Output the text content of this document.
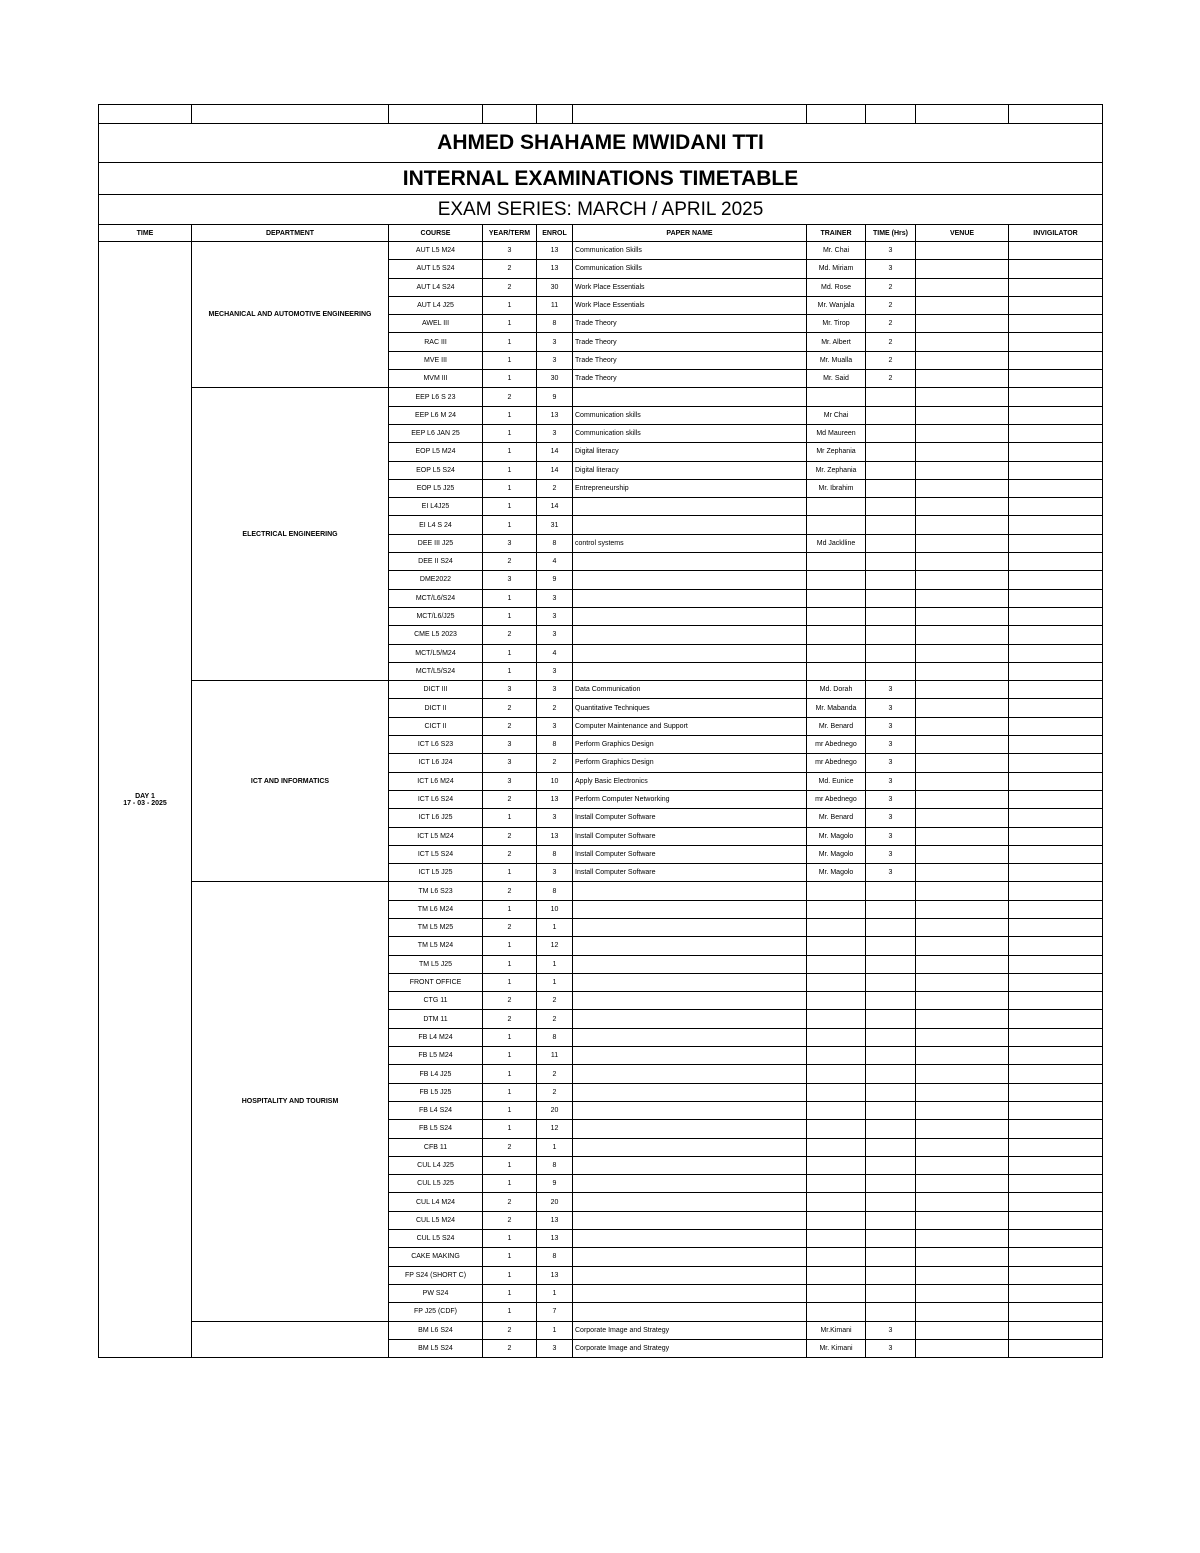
AHMED SHAHAME MWIDANI TTI									
INTERNAL EXAMINATIONS TIMETABLE									
EXAM SERIES: MARCH / APRIL 2025									
TIME	DEPARTMENT	COURSE	YEAR/TERM	ENROL	PAPER NAME	TRAINER	TIME (Hrs)	VENUE	INVIGILATOR
DAY 1
17 - 03 - 2025	MECHANICAL AND AUTOMOTIVE ENGINEERING	AUT L5 M24	3	13	Communication Skills	Mr. Chai	3		
		AUT L5 S24	2	13	Communication Skills	Md. Miriam	3		
		AUT L4 S24	2	30	Work Place Essentials	Md. Rose	2		
		AUT L4 J25	1	11	Work Place Essentials	Mr. Wanjala	2		
		AWEL III	1	8	Trade Theory	Mr. Tirop	2		
		RAC III	1	3	Trade Theory	Mr. Albert	2		
		MVE III	1	3	Trade Theory	Mr. Mualla	2		
		MVM III	1	30	Trade Theory	Mr. Said	2		
	ELECTRICAL ENGINEERING	EEP L6 S 23	2	9					
		EEP L6 M 24	1	13	Communication skills	Mr Chai			
		EEP L6 JAN 25	1	3	Communication skills	Md Maureen			
		EOP L5 M24	1	14	Digital literacy	Mr Zephania			
		EOP L5 S24	1	14	Digital literacy	Mr. Zephania			
		EOP L5 J25	1	2	Entrepreneurship	Mr. Ibrahim			
		EI L4J25	1	14					
		EI L4 S 24	1	31					
		DEE III J25	3	8	control systems	Md Jacklline			
		DEE II S24	2	4					
		DME2022	3	9					
		MCT/L6/S24	1	3					
		MCT/L6/J25	1	3					
		CME L5 2023	2	3					
		MCT/L5/M24	1	4					
		MCT/L5/S24	1	3					
	ICT AND INFORMATICS	DICT III	3	3	Data Communication	Md. Dorah	3		
		DICT II	2	2	Quantitative Techniques	Mr. Mabanda	3		
		CICT II	2	3	Computer Maintenance and Support	Mr. Benard	3		
		ICT L6 S23	3	8	Perform Graphics Design	mr Abednego	3		
		ICT L6 J24	3	2	Perform Graphics Design	mr Abednego	3		
		ICT L6 M24	3	10	Apply Basic Electronics	Md. Eunice	3		
		ICT L6 S24	2	13	Perform Computer Networking	mr Abednego	3		
		ICT L6 J25	1	3	Install Computer Software	Mr. Benard	3		
		ICT L5 M24	2	13	Install Computer Software	Mr. Magolo	3		
		ICT L5 S24	2	8	Install Computer Software	Mr. Magolo	3		
		ICT L5 J25	1	3	Install Computer Software	Mr. Magolo	3		
	HOSPITALITY AND TOURISM	TM L6 S23	2	8					
		TM L6 M24	1	10					
		TM L5 M25	2	1					
		TM L5 M24	1	12					
		TM L5 J25	1	1					
		FRONT OFFICE	1	1					
		CTG 11	2	2					
		DTM 11	2	2					
		FB L4 M24	1	8					
		FB L5 M24	1	11					
		FB L4 J25	1	2					
		FB L5 J25	1	2					
		FB L4 S24	1	20					
		FB L5 S24	1	12					
		CFB 11	2	1					
		CUL L4 J25	1	8					
		CUL L5 J25	1	9					
		CUL L4 M24	2	20					
		CUL L5 M24	2	13					
		CUL L5 S24	1	13					
		CAKE MAKING	1	8					
		FP S24 (SHORT C)	1	13					
		PW S24	1	1					
		FP J25 (CDF)	1	7					
		BM L6 S24	2	1	Corporate Image and Strategy	Mr.Kimani	3		
		BM L5 S24	2	3	Corporate Image and Strategy	Mr. Kimani	3		
